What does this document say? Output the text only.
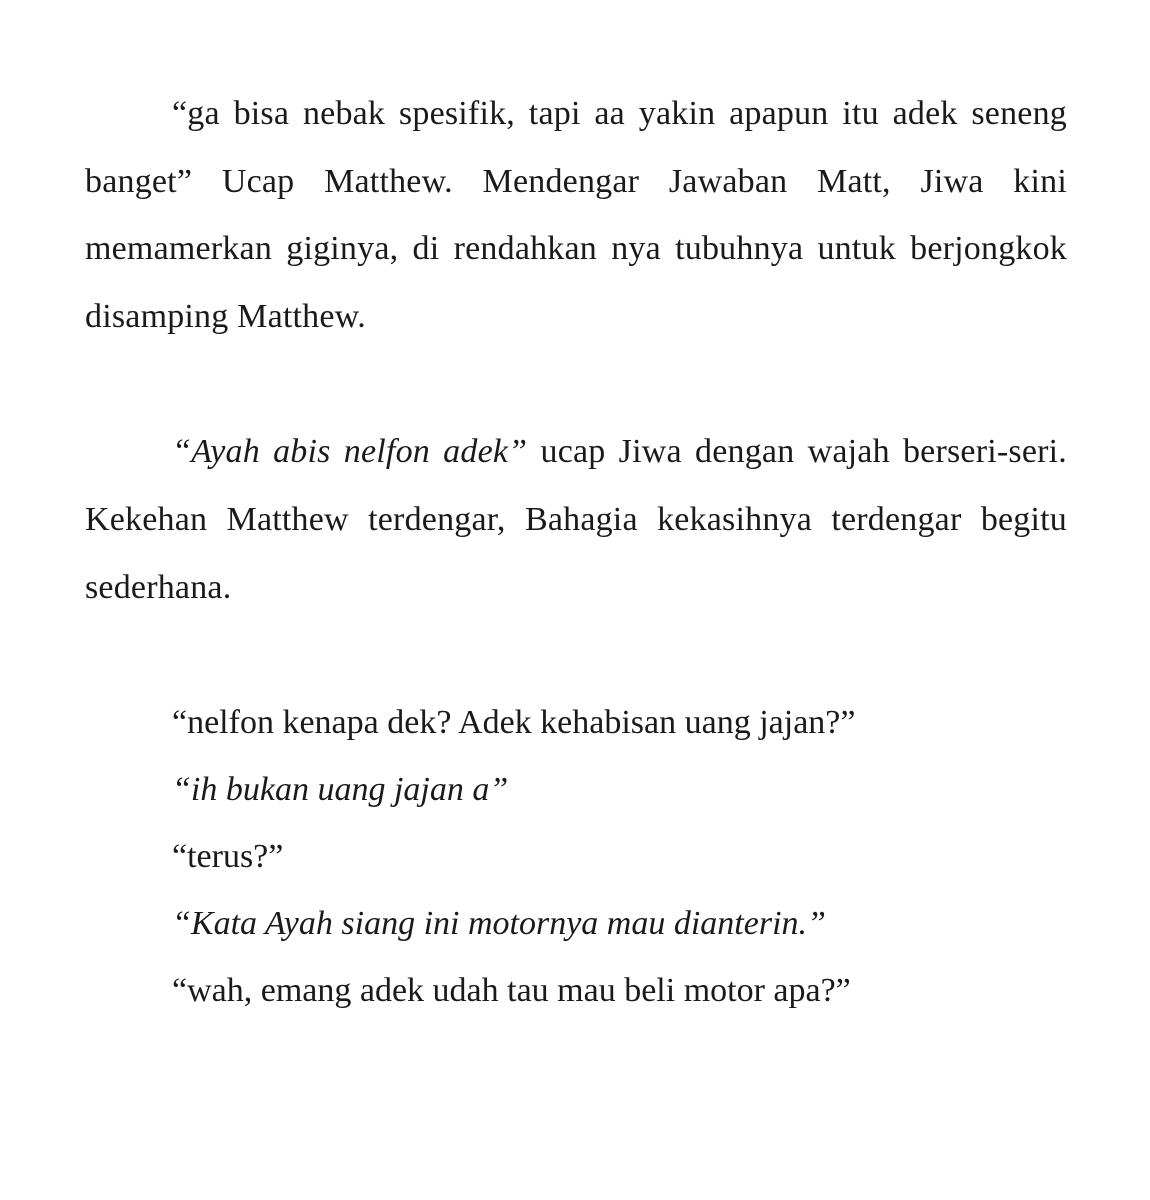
“ga bisa nebak spesifik, tapi aa yakin apapun itu adek seneng banget” Ucap Matthew. Mendengar Jawaban Matt, Jiwa kini memamerkan giginya, di rendahkan nya tubuhnya untuk berjongkok disamping Matthew.

“Ayah abis nelfon adek” ucap Jiwa dengan wajah berseri-seri. Kekehan Matthew terdengar, Bahagia kekasihnya terdengar begitu sederhana.

“nelfon kenapa dek? Adek kehabisan uang jajan?”
“ih bukan uang jajan a”
“terus?”
“Kata Ayah siang ini motornya mau dianterin.”
“wah, emang adek udah tau mau beli motor apa?”
